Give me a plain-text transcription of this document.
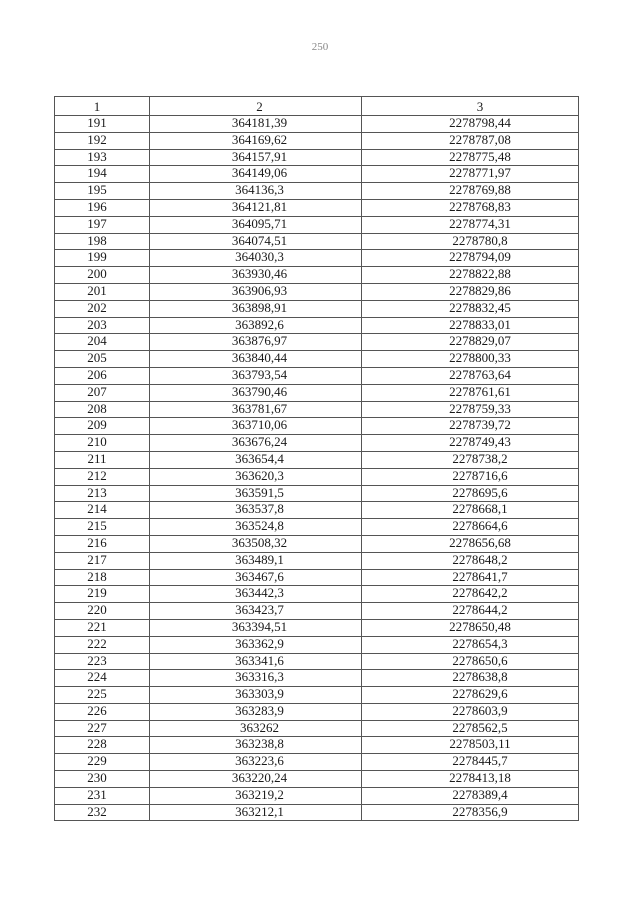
250
1	2	3
191	364181,39	2278798,44
192	364169,62	2278787,08
193	364157,91	2278775,48
194	364149,06	2278771,97
195	364136,3	2278769,88
196	364121,81	2278768,83
197	364095,71	2278774,31
198	364074,51	2278780,8
199	364030,3	2278794,09
200	363930,46	2278822,88
201	363906,93	2278829,86
202	363898,91	2278832,45
203	363892,6	2278833,01
204	363876,97	2278829,07
205	363840,44	2278800,33
206	363793,54	2278763,64
207	363790,46	2278761,61
208	363781,67	2278759,33
209	363710,06	2278739,72
210	363676,24	2278749,43
211	363654,4	2278738,2
212	363620,3	2278716,6
213	363591,5	2278695,6
214	363537,8	2278668,1
215	363524,8	2278664,6
216	363508,32	2278656,68
217	363489,1	2278648,2
218	363467,6	2278641,7
219	363442,3	2278642,2
220	363423,7	2278644,2
221	363394,51	2278650,48
222	363362,9	2278654,3
223	363341,6	2278650,6
224	363316,3	2278638,8
225	363303,9	2278629,6
226	363283,9	2278603,9
227	363262	2278562,5
228	363238,8	2278503,11
229	363223,6	2278445,7
230	363220,24	2278413,18
231	363219,2	2278389,4
232	363212,1	2278356,9
